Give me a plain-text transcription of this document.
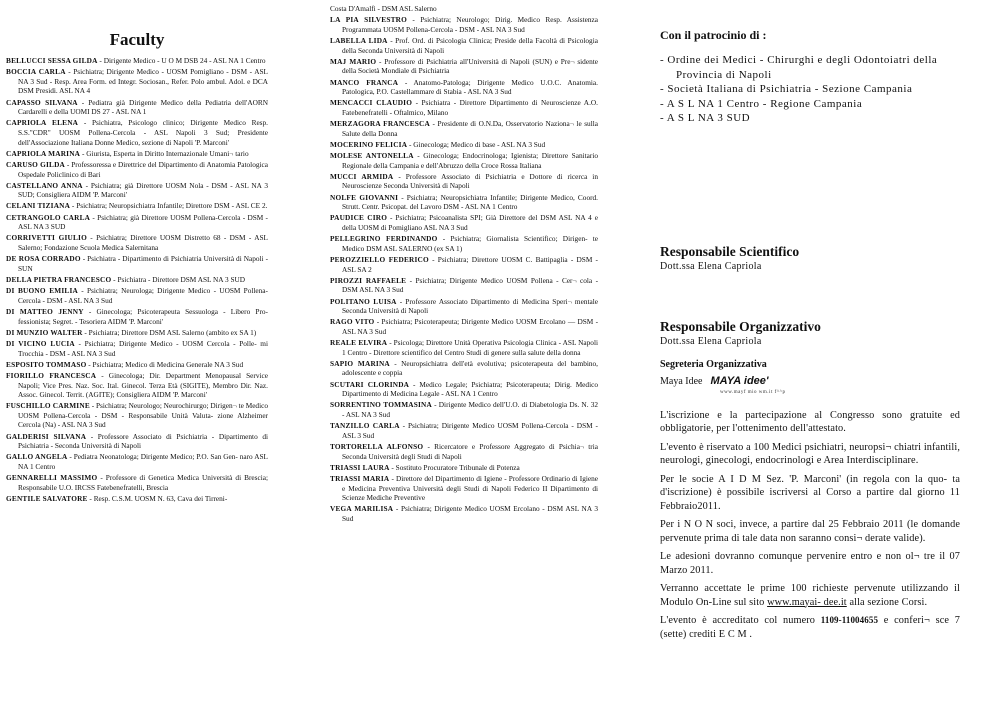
Faculty

BELLUCCI SESSA GILDA - Dirigente Medico - U O M DSB 24 - ASL NA 1 Centro

BOCCIA CARLA - Psichiatra; Dirigente Medico - UOSM Pomigliano - DSM - ASL NA 3 Sud - Resp. Area Form. ed Integr. Sociosan., Refer. Polo ambul. Adol. e DCA DSM Presidi. ASL NA 4

CAPASSO SILVANA - Pediatra già Dirigente Medico della Pediatria dell'AORN Cardarelli e della UOMI DS 27 - ASL NA 1

CAPRIOLA ELENA - Psichiatra, Psicologo clinico; Dirigente Medico Resp. S.S."CDR" UOSM Pollena-Cercola - ASL Napoli 3 Sud; Presidente dell'Associazione Italiana Donne Medico, sezione di Napoli 'P. Marconi'

CAPRIOLA MARINA - Giurista, Esperta in Diritto Internazionale Umani¬ tario

CARUSO GILDA - Professoressa e Direttrice del Dipartimento di Anatomia Patologica Ospedale Policlinico di Bari

CASTELLANO ANNA - Psichiatra; già Direttore UOSM Nola - DSM - ASL NA 3 SUD; Consigliera AIDM 'P. Marconi'

CELANI TIZIANA - Psichiatra; Neuropsichiatra Infantile; Direttore DSM - ASL CE 2.

CETRANGOLO CARLA - Psichiatra; già Direttore UOSM Pollena-Cercola - DSM - ASL NA 3 SUD

CORRIVETTI GIULIO - Psichiatra; Direttore UOSM Distretto 68 - DSM - ASL Salerno; Fondazione Scuola Medica Salernitana

DE ROSA CORRADO - Psichiatra - Dipartimento di Psichiatria Università di Napoli - SUN

DELLA PIETRA FRANCESCO - Psichiatra - Direttore DSM ASL NA 3 SUD

DI BUONO EMILIA - Psichiatra; Neurologa; Dirigente Medico - UOSM Pollena-Cercola - DSM - ASL NA 3 Sud

DI MATTEO JENNY - Ginecologa; Psicoterapeuta Sessuologa - Libero Pro- fessionista; Segret. - Tesoriera AIDM 'P. Marconi'

DI MUNZIO WALTER - Psichiatra; Direttore DSM ASL Salerno (ambito ex SA 1)

DI VICINO LUCIA - Psichiatra; Dirigente Medico - UOSM Cercola - Polle- mi Trocchia - DSM - ASL NA 3 Sud

ESPOSITO TOMMASO - Psichiatra; Medico di Medicina Generale NA 3 Sud

FIORILLO FRANCESCA - Ginecologa; Dir. Department Menopausal Service Napoli; Vice Pres. Naz. Soc. Ital. Ginecol. Terza Età (SIGITE), Membro Dir. Naz. Assoc. Ginecol. Territ. (AGITE); Consigliera AIDM 'P. Marconi'

FUSCHILLO CARMINE - Psichiatra; Neurologo; Neurochirurgo; Dirigen¬ te Medico UOSM Pollena-Cercola - DSM - Responsabile Unità Valuta- zione Alzheimer Cercola (Na) - ASL NA 3 Sud

GALDERISI SILVANA - Professore Associato di Psichiatria - Dipartimento di Psichiatria - Seconda Università di Napoli

GALLO ANGELA - Pediatra Neonatologa; Dirigente Medico; P.O. San Gen- naro ASL NA 1 Centro

GENNARELLI MASSIMO - Professore di Genetica Medica Università di Brescia; Responsabile U.O. IRCSS Fatebenefratelli, Brescia

GENTILE SALVATORE - Resp. C.S.M. UOSM N. 63, Cava dei Tirreni-

Costa D'Amalfi - DSM ASL Salerno

LA PIA SILVESTRO - Psichiatra; Neurologo; Dirig. Medico Resp. Assistenza Programmata UOSM Pollena-Cercola - DSM - ASL NA 3 Sud

LABELLA LIDA - Prof. Ord. di Psicologia Clinica; Preside della Facoltà di Psicologia della Seconda Università di Napoli

MAJ MARIO - Professore di Psichiatria all'Università di Napoli (SUN) e Pre¬ sidente della Società Mondiale di Psichiatria

MANCO FRANCA - Anatomo-Patologa; Dirigente Medico U.O.C. Anatomia. Patologica, P.O. Castellammare di Stabia - ASL NA 3 Sud

MENCACCI CLAUDIO - Psichiatra - Direttore Dipartimento di Neuroscienze A.O. Fatebenefratelli - Oftalmico, Milano

MERZAGORA FRANCESCA - Presidente di O.N.Da, Osservatorio Naziona¬ le sulla Salute della Donna

MOCERINO FELICIA - Ginecologa; Medico di base - ASL NA 3 Sud

MOLESE ANTONELLA - Ginecologa; Endocrinologa; Igienista; Direttore Sanitario Regionale della Campania e dell'Abruzzo della Croce Rossa Italiana

MUCCI ARMIDA - Professore Associato di Psichiatria e Dottore di ricerca in Neuroscienze Seconda Università di Napoli

NOLFE GIOVANNI - Psichiatra; Neuropsichiatra Infantile; Dirigente Medico, Coord. Strutt. Centr. Psicopat. del Lavoro DSM - ASL NA 1 Centro

PAUDICE CIRO - Psichiatra; Psicoanalista SPI; Già Direttore del DSM ASL NA 4 e della UOSM di Pomigliano ASL NA 3 Sud

PELLEGRINO FERDINANDO - Psichiatra; Giornalista Scientifico; Dirigen- te Medico DSM ASL SALERNO (ex SA 1)

PEROZZIELLO FEDERICO - Psichiatra; Direttore UOSM C. Battipaglia - DSM - ASL SA 2

PIROZZI RAFFAELE - Psichiatra; Dirigente Medico UOSM Pollena - Cer¬ cola - DSM ASL NA 3 Sud

POLITANO LUISA - Professore Associato Dipartimento di Medicina Speri¬ mentale Seconda Università di Napoli

RAGO VITO - Psichiatra; Psicoterapeuta; Dirigente Medico UOSM Ercolano — DSM - ASL NA 3 Sud

REALE ELVIRA - Psicologa; Direttore Unità Operativa Psicologia Clinica - ASL Napoli 1 Centro - Direttore scientifico del Centro Studi di genere sulla salute della donna

SAPIO MARINA - Neuropsichiatra dell'età evolutiva; psicoterapeuta del bambino, adolescente e coppia

SCUTARI CLORINDA - Medico Legale; Psichiatra; Psicoterapeuta; Dirig. Medico Dipartimento di Medicina Legale - ASL NA 1 Centro

SORRENTINO TOMMASINA - Dirigente Medico dell'U.O. di Diabetologia Ds. N. 32 - ASL NA 3 Sud

TANZILLO CARLA - Psichiatra; Dirigente Medico UOSM Pollena-Cercola - DSM - ASL 3 Sud

TORTORELLA ALFONSO - Ricercatore e Professore Aggregato di Psichia¬ tria Seconda Università degli Studi di Napoli

TRIASSI LAURA - Sostituto Procuratore Tribunale di Potenza

TRIASSI MARIA - Direttore del Dipartimento di Igiene - Professore Ordinario di Igiene e Medicina Preventiva Università degli Studi di Napoli Federico II Dipartimento di Scienze Mediche Preventive

VEGA MARILISA - Psichiatra; Dirigente Medico UOSM Ercolano - DSM ASL NA 3 Sud

Con il patrocinio di :
- Ordine dei Medici - Chirurghi e degli Odontoiatri della Provincia di Napoli
- Società Italiana di Psichiatria - Sezione Campania
- A S L NA 1 Centro - Regione Campania
- A S L NA 3 SUD
Responsabile Scientifico
Dott.ssa Elena Capriola
Responsabile Organizzativo
Dott.ssa Elena Capriola
Segreteria Organizzativa
Maya Idee MAYA idee'
www.mayf mio wm.it f^^p

L'iscrizione e la partecipazione al Congresso sono gratuite ed obbligatorie, per l'ottenimento dell'attestato.

L'evento è riservato a 100 Medici psichiatri, neuropsi¬ chiatri infantili, neurologi, ginecologi, endocrinologi e Area Interdisciplinare.

Per le socie A I D M Sez. 'P. Marconi' (in regola con la quo- ta d'iscrizione) è possibile iscriversi al Corso a partire dal giorno 11 Febbraio2011.

Per i N O N soci, invece, a partire dal 25 Febbraio 2011 (le domande pervenute prima di tale data non saranno consi¬ derate valide).

Le adesioni dovranno comunque pervenire entro e non ol¬ tre il 07 Marzo 2011.

Verranno accettate le prime 100 richieste pervenute utilizzando il Modulo On-Line sul sito www.mayai- dee.it alla sezione Corsi.

L'evento è accreditato col numero 1109-11004655 e conferi¬ sce 7 (sette) crediti E C M .
